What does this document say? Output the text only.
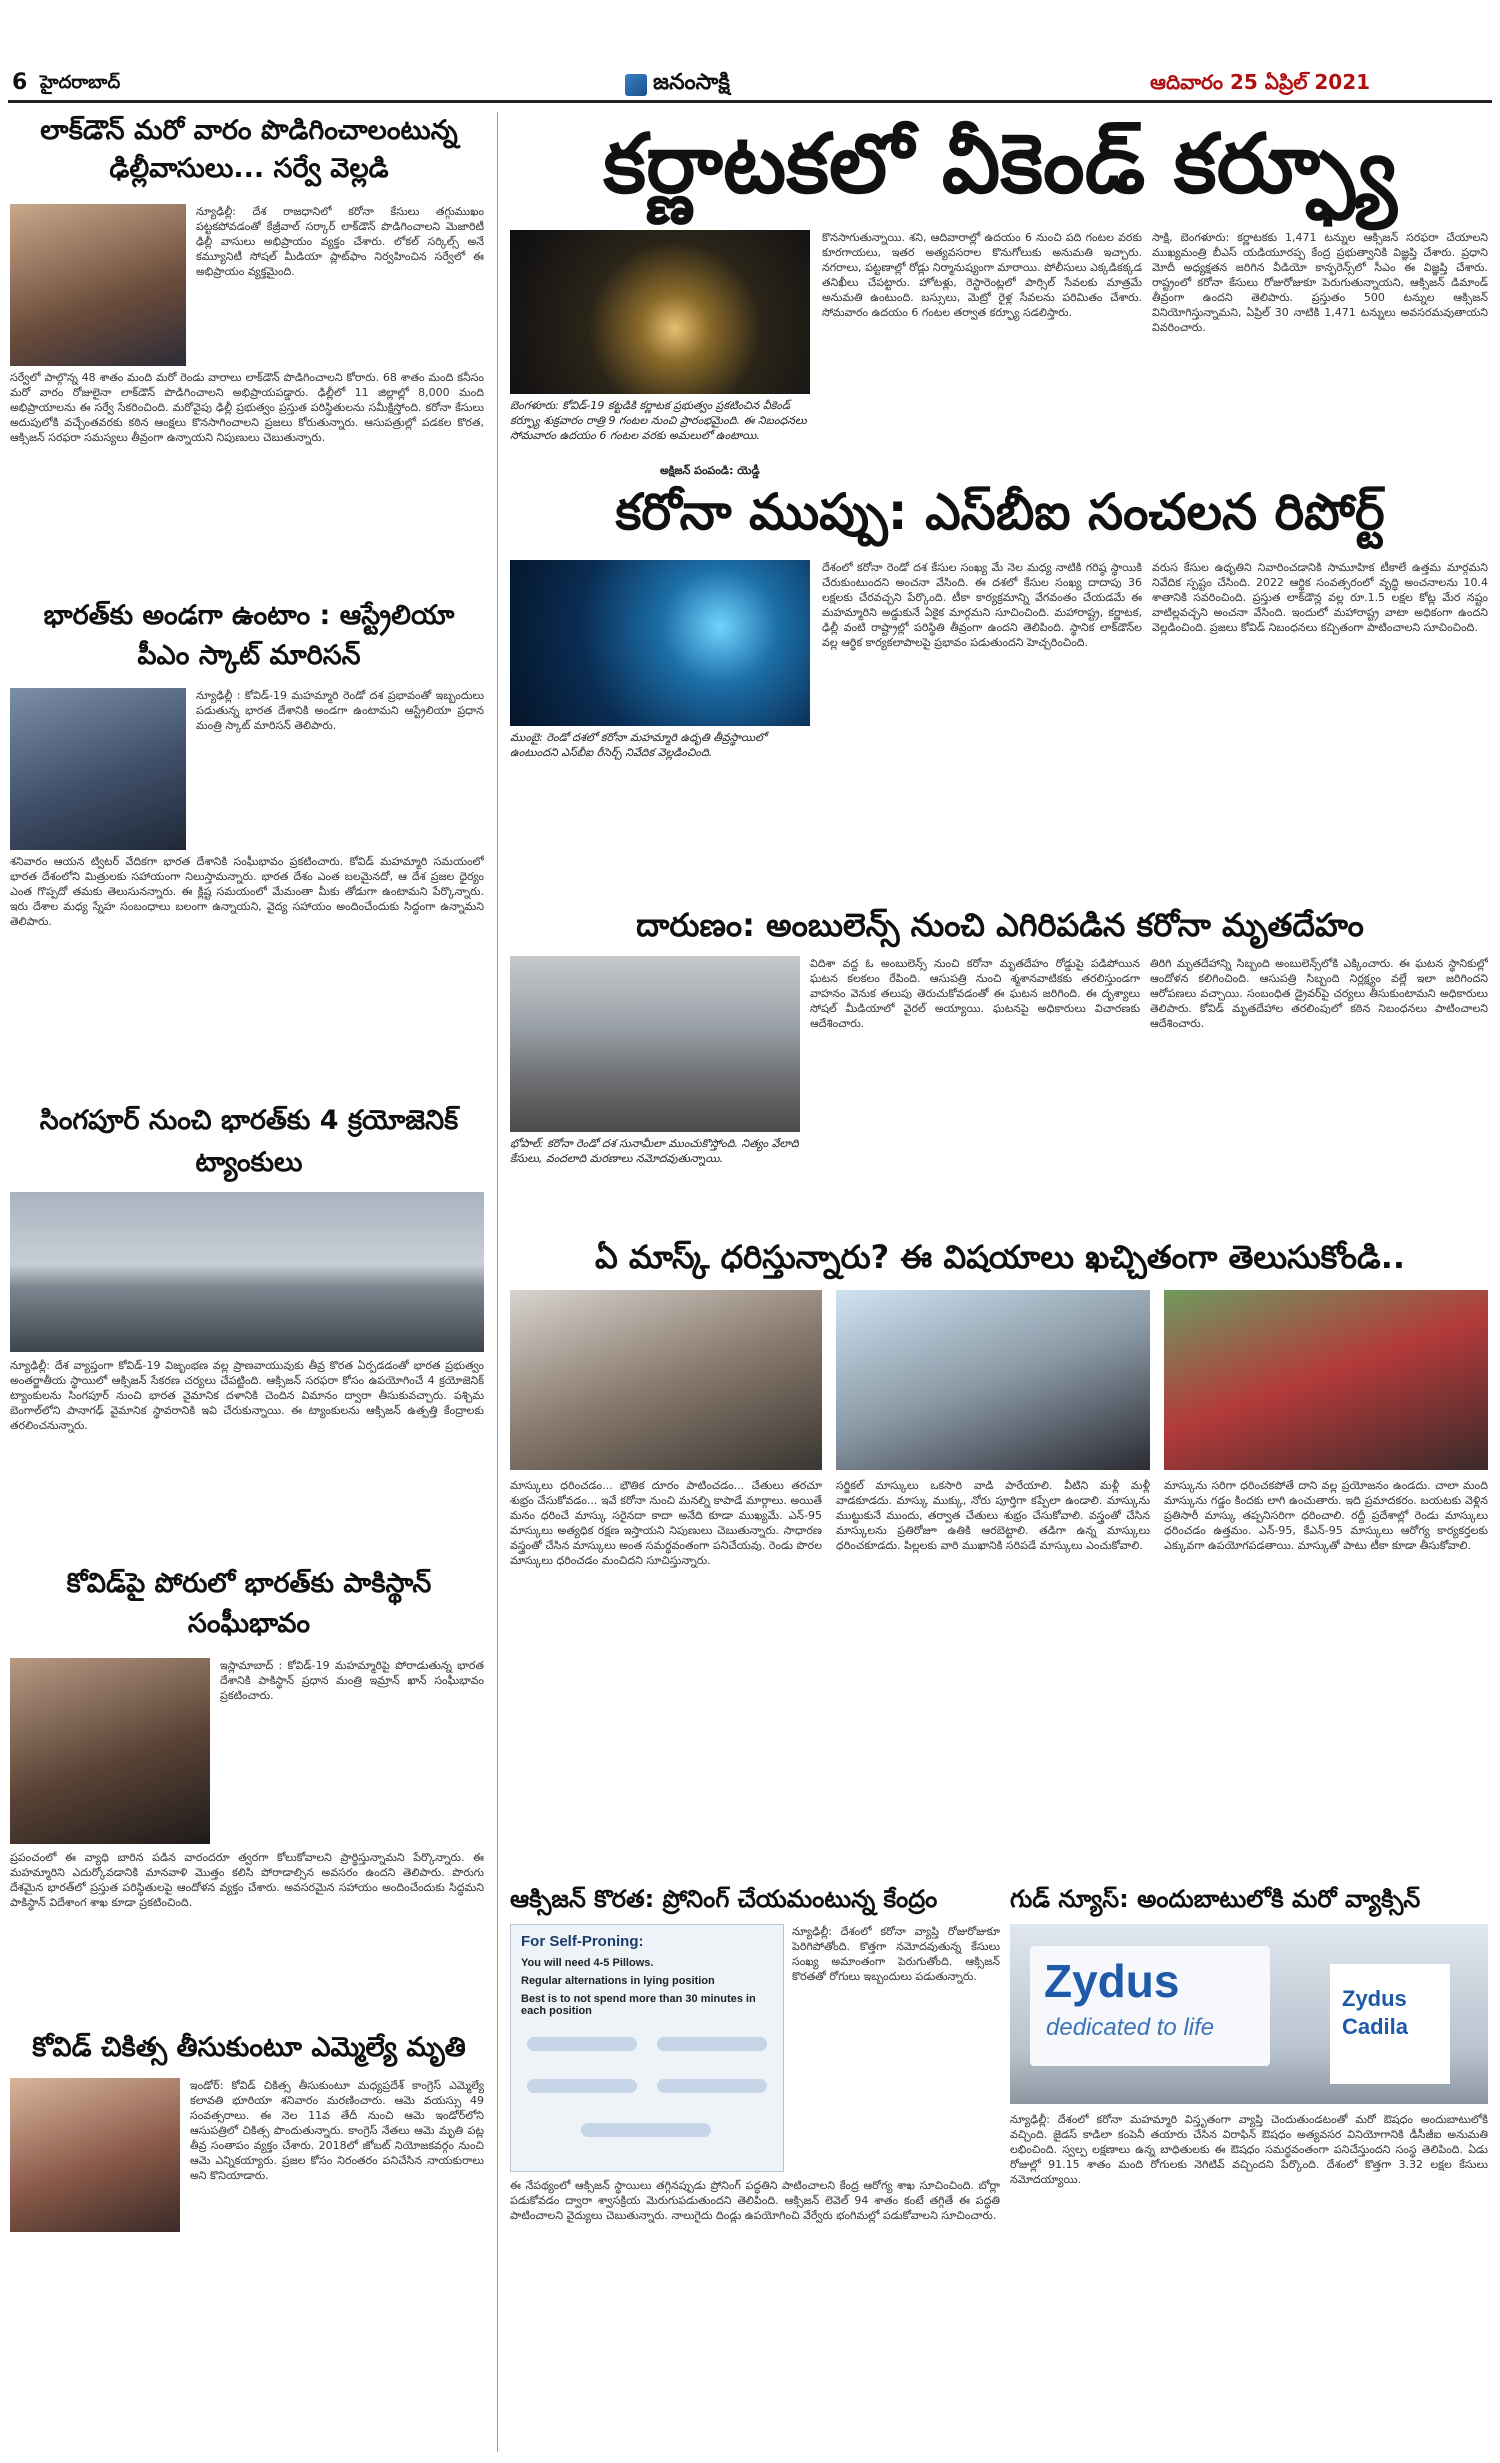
6 హైదరాబాద్	జనంసాక్షి	ఆదివారం 25 ఏప్రిల్ 2021
లాక్‌డౌన్ మరో వారం పొడిగించాలంటున్న ఢిల్లీవాసులు... సర్వే వెల్లడి
న్యూఢిల్లీ: దేశ రాజధానిలో కరోనా కేసులు తగ్గుముఖం పట్టకపోవడంతో కేజ్రీవాల్ సర్కార్ లాక్‌డౌన్ పొడిగించాలని మెజారిటీ ఢిల్లీ వాసులు అభిప్రాయం వ్యక్తం చేశారు. లోకల్ సర్కిల్స్ అనే కమ్యూనిటీ సోషల్ మీడియా ప్లాట్‌ఫాం నిర్వహించిన సర్వేలో ఈ అభిప్రాయం వ్యక్తమైంది.
సర్వేలో పాల్గొన్న 48 శాతం మంది మరో రెండు వారాలు లాక్‌డౌన్ పొడిగించాలని కోరారు. 68 శాతం మంది కనీసం మరో వారం రోజులైనా లాక్‌డౌన్ పొడిగించాలని అభిప్రాయపడ్డారు. ఢిల్లీలో 11 జిల్లాల్లో 8,000 మంది అభిప్రాయాలను ఈ సర్వే సేకరించింది. మరోవైపు ఢిల్లీ ప్రభుత్వం ప్రస్తుత పరిస్థితులను సమీక్షిస్తోంది. కరోనా కేసులు అదుపులోకి వచ్చేంతవరకు కఠిన ఆంక్షలు కొనసాగించాలని ప్రజలు కోరుతున్నారు. ఆసుపత్రుల్లో పడకల కొరత, ఆక్సిజన్ సరఫరా సమస్యలు తీవ్రంగా ఉన్నాయని నిపుణులు చెబుతున్నారు.
భారత్‌కు అండగా ఉంటాం : ఆస్ట్రేలియా పీఎం స్కాట్ మారిసన్
న్యూఢిల్లీ : కోవిడ్-19 మహమ్మారి రెండో దశ ప్రభావంతో ఇబ్బందులు పడుతున్న భారత దేశానికి అండగా ఉంటామని ఆస్ట్రేలియా ప్రధాన మంత్రి స్కాట్ మారిసన్ తెలిపారు.
శనివారం ఆయన ట్విటర్ వేదికగా భారత దేశానికి సంఘీభావం ప్రకటించారు. కోవిడ్ మహమ్మారి సమయంలో భారత దేశంలోని మిత్రులకు సహాయంగా నిలుస్తామన్నారు. భారత దేశం ఎంత బలమైనదో, ఆ దేశ ప్రజల ధైర్యం ఎంత గొప్పదో తమకు తెలుసునన్నారు. ఈ క్లిష్ట సమయంలో మేమంతా మీకు తోడుగా ఉంటామని పేర్కొన్నారు. ఇరు దేశాల మధ్య స్నేహ సంబంధాలు బలంగా ఉన్నాయని, వైద్య సహాయం అందించేందుకు సిద్ధంగా ఉన్నామని తెలిపారు.
సింగపూర్ నుంచి భారత్‌కు 4 క్రయోజెనిక్ ట్యాంకులు
న్యూఢిల్లీ: దేశ వ్యాప్తంగా కోవిడ్-19 విజృంభణ వల్ల ప్రాణవాయువుకు తీవ్ర కొరత ఏర్పడడంతో భారత ప్రభుత్వం అంతర్జాతీయ స్థాయిలో ఆక్సిజన్ సేకరణ చర్యలు చేపట్టింది. ఆక్సిజన్ సరఫరా కోసం ఉపయోగించే 4 క్రయోజెనిక్ ట్యాంకులను సింగపూర్ నుంచి భారత వైమానిక దళానికి చెందిన విమానం ద్వారా తీసుకువచ్చారు. పశ్చిమ బెంగాల్‌లోని పానాగఢ్ వైమానిక స్థావరానికి ఇవి చేరుకున్నాయి. ఈ ట్యాంకులను ఆక్సిజన్ ఉత్పత్తి కేంద్రాలకు తరలించనున్నారు.
కోవిడ్‌పై పోరులో భారత్‌కు పాకిస్థాన్ సంఘీభావం
ఇస్లామాబాద్ : కోవిడ్-19 మహమ్మారిపై పోరాడుతున్న భారత దేశానికి పాకిస్థాన్ ప్రధాన మంత్రి ఇమ్రాన్ ఖాన్ సంఘీభావం ప్రకటించారు.
ప్రపంచంలో ఈ వ్యాధి బారిన పడిన వారందరూ త్వరగా కోలుకోవాలని ప్రార్థిస్తున్నామని పేర్కొన్నారు. ఈ మహమ్మారిని ఎదుర్కోవడానికి మానవాళి మొత్తం కలిసి పోరాడాల్సిన అవసరం ఉందని తెలిపారు. పొరుగు దేశమైన భారత్‌లో ప్రస్తుత పరిస్థితులపై ఆందోళన వ్యక్తం చేశారు. అవసరమైన సహాయం అందించేందుకు సిద్ధమని పాకిస్థాన్ విదేశాంగ శాఖ కూడా ప్రకటించింది.
కోవిడ్ చికిత్స తీసుకుంటూ ఎమ్మెల్యే మృతి
ఇండోర్: కోవిడ్ చికిత్స తీసుకుంటూ మధ్యప్రదేశ్ కాంగ్రెస్ ఎమ్మెల్యే కలావతి భూరియా శనివారం మరణించారు. ఆమె వయస్సు 49 సంవత్సరాలు. ఈ నెల 11వ తేదీ నుంచి ఆమె ఇండోర్‌లోని ఆసుపత్రిలో చికిత్స పొందుతున్నారు. కాంగ్రెస్ నేతలు ఆమె మృతి పట్ల తీవ్ర సంతాపం వ్యక్తం చేశారు. 2018లో జోబట్ నియోజకవర్గం నుంచి ఆమె ఎన్నికయ్యారు. ప్రజల కోసం నిరంతరం పనిచేసిన నాయకురాలు అని కొనియాడారు.
కర్ణాటకలో వీకెండ్ కర్ఫ్యూ
బెంగళూరు: కోవిడ్-19 కట్టడికి కర్ణాటక ప్రభుత్వం ప్రకటించిన వీకెండ్ కర్ఫ్యూ శుక్రవారం రాత్రి 9 గంటల నుంచి ప్రారంభమైంది. ఈ నిబంధనలు సోమవారం ఉదయం 6 గంటల వరకు అమలులో ఉంటాయి.
అక్షిజన్ పంపండి: యెడ్డీ
కొనసాగుతున్నాయి. శని, ఆదివారాల్లో ఉదయం 6 నుంచి పది గంటల వరకు కూరగాయలు, ఇతర అత్యవసరాల కొనుగోలుకు అనుమతి ఇచ్చారు. నగరాలు, పట్టణాల్లో రోడ్లు నిర్మానుష్యంగా మారాయి. పోలీసులు ఎక్కడికక్కడ తనిఖీలు చేపట్టారు. హోటళ్లు, రెస్టారెంట్లలో పార్సిల్ సేవలకు మాత్రమే అనుమతి ఉంటుంది. బస్సులు, మెట్రో రైళ్ల సేవలను పరిమితం చేశారు. సోమవారం ఉదయం 6 గంటల తర్వాత కర్ఫ్యూ సడలిస్తారు.
సాక్షి, బెంగళూరు: కర్ణాటకకు 1,471 టన్నుల ఆక్సిజన్ సరఫరా చేయాలని ముఖ్యమంత్రి బీఎస్ యడియూరప్ప కేంద్ర ప్రభుత్వానికి విజ్ఞప్తి చేశారు. ప్రధాని మోదీ అధ్యక్షతన జరిగిన వీడియో కాన్ఫరెన్స్‌లో సీఎం ఈ విజ్ఞప్తి చేశారు. రాష్ట్రంలో కరోనా కేసులు రోజురోజుకూ పెరుగుతున్నాయని, ఆక్సిజన్ డిమాండ్ తీవ్రంగా ఉందని తెలిపారు. ప్రస్తుతం 500 టన్నుల ఆక్సిజన్ వినియోగిస్తున్నామని, ఏప్రిల్ 30 నాటికి 1,471 టన్నులు అవసరమవుతాయని వివరించారు.
కరోనా ముప్పు: ఎస్‌బీఐ సంచలన రిపోర్ట్
ముంబై: రెండో దశలో కరోనా మహమ్మారి ఉధృతి తీవ్రస్థాయిలో ఉంటుందని ఎస్‌బీఐ రీసెర్చ్ నివేదిక వెల్లడించింది.
దేశంలో కరోనా రెండో దశ కేసుల సంఖ్య మే నెల మధ్య నాటికి గరిష్ఠ స్థాయికి చేరుకుంటుందని అంచనా వేసింది. ఈ దశలో కేసుల సంఖ్య దాదాపు 36 లక్షలకు చేరవచ్చని పేర్కొంది. టీకా కార్యక్రమాన్ని వేగవంతం చేయడమే ఈ మహమ్మారిని అడ్డుకునే ఏకైక మార్గమని సూచించింది. మహారాష్ట్ర, కర్ణాటక, ఢిల్లీ వంటి రాష్ట్రాల్లో పరిస్థితి తీవ్రంగా ఉందని తెలిపింది. స్థానిక లాక్‌డౌన్‌ల వల్ల ఆర్థిక కార్యకలాపాలపై ప్రభావం పడుతుందని హెచ్చరించింది.
వరుస కేసుల ఉధృతిని నివారించడానికి సామూహిక టీకాలే ఉత్తమ మార్గమని నివేదిక స్పష్టం చేసింది. 2022 ఆర్థిక సంవత్సరంలో వృద్ధి అంచనాలను 10.4 శాతానికి సవరించింది. ప్రస్తుత లాక్‌డౌన్ల వల్ల రూ.1.5 లక్షల కోట్ల మేర నష్టం వాటిల్లవచ్చని అంచనా వేసింది. ఇందులో మహారాష్ట్ర వాటా అధికంగా ఉందని వెల్లడించింది. ప్రజలు కోవిడ్ నిబంధనలు కచ్చితంగా పాటించాలని సూచించింది.
దారుణం: అంబులెన్స్ నుంచి ఎగిరిపడిన కరోనా మృతదేహం
భోపాల్: కరోనా రెండో దశ సునామీలా ముంచుకొస్తోంది. నిత్యం వేలాది కేసులు, వందలాది మరణాలు నమోదవుతున్నాయి.
విదిశా వద్ద ఓ అంబులెన్స్ నుంచి కరోనా మృతదేహం రోడ్డుపై పడిపోయిన ఘటన కలకలం రేపింది. ఆసుపత్రి నుంచి శ్మశానవాటికకు తరలిస్తుండగా వాహనం వెనుక తలుపు తెరుచుకోవడంతో ఈ ఘటన జరిగింది. ఈ దృశ్యాలు సోషల్ మీడియాలో వైరల్ అయ్యాయి. ఘటనపై అధికారులు విచారణకు ఆదేశించారు.
తిరిగి మృతదేహాన్ని సిబ్బంది అంబులెన్స్‌లోకి ఎక్కించారు. ఈ ఘటన స్థానికుల్లో ఆందోళన కలిగించింది. ఆసుపత్రి సిబ్బంది నిర్లక్ష్యం వల్లే ఇలా జరిగిందని ఆరోపణలు వచ్చాయి. సంబంధిత డ్రైవర్‌పై చర్యలు తీసుకుంటామని అధికారులు తెలిపారు. కోవిడ్ మృతదేహాల తరలింపులో కఠిన నిబంధనలు పాటించాలని ఆదేశించారు.
ఏ మాస్క్ ధరిస్తున్నారు? ఈ విషయాలు ఖచ్చితంగా తెలుసుకోండి..
మాస్కులు ధరించడం... భౌతిక దూరం పాటించడం... చేతులు తరచూ శుభ్రం చేసుకోవడం... ఇవే కరోనా నుంచి మనల్ని కాపాడే మార్గాలు. అయితే మనం ధరించే మాస్కు సరైనదా కాదా అనేది కూడా ముఖ్యమే. ఎన్-95 మాస్కులు అత్యధిక రక్షణ ఇస్తాయని నిపుణులు చెబుతున్నారు. సాధారణ వస్త్రంతో చేసిన మాస్కులు అంత సమర్థవంతంగా పనిచేయవు. రెండు పొరల మాస్కులు ధరించడం మంచిదని సూచిస్తున్నారు.
సర్జికల్ మాస్కులు ఒకసారి వాడి పారేయాలి. వీటిని మళ్లీ మళ్లీ వాడకూడదు. మాస్కు ముక్కు, నోరు పూర్తిగా కప్పేలా ఉండాలి. మాస్కును ముట్టుకునే ముందు, తర్వాత చేతులు శుభ్రం చేసుకోవాలి. వస్త్రంతో చేసిన మాస్కులను ప్రతిరోజూ ఉతికి ఆరబెట్టాలి. తడిగా ఉన్న మాస్కులు ధరించకూడదు. పిల్లలకు వారి ముఖానికి సరిపడే మాస్కులు ఎంచుకోవాలి.
మాస్కును సరిగా ధరించకపోతే దాని వల్ల ప్రయోజనం ఉండదు. చాలా మంది మాస్కును గడ్డం కిందకు లాగి ఉంచుతారు. ఇది ప్రమాదకరం. బయటకు వెళ్లిన ప్రతిసారీ మాస్కు తప్పనిసరిగా ధరించాలి. రద్దీ ప్రదేశాల్లో రెండు మాస్కులు ధరించడం ఉత్తమం. ఎన్-95, కేఎన్-95 మాస్కులు ఆరోగ్య కార్యకర్తలకు ఎక్కువగా ఉపయోగపడతాయి. మాస్కుతో పాటు టీకా కూడా తీసుకోవాలి.
ఆక్సిజన్ కొరత: ప్రోనింగ్ చేయమంటున్న కేంద్రం
For Self-Proning:
You will need 4-5 Pillows.
Regular alternations in lying position
Best is to not spend more than 30 minutes in each position
న్యూఢిల్లీ: దేశంలో కరోనా వ్యాప్తి రోజురోజుకూ పెరిగిపోతోంది. కొత్తగా నమోదవుతున్న కేసులు సంఖ్య అమాంతంగా పెరుగుతోంది. ఆక్సిజన్ కొరతతో రోగులు ఇబ్బందులు పడుతున్నారు.
ఈ నేపథ్యంలో ఆక్సిజన్ స్థాయిలు తగ్గినప్పుడు ప్రోనింగ్ పద్ధతిని పాటించాలని కేంద్ర ఆరోగ్య శాఖ సూచించింది. బోర్లా పడుకోవడం ద్వారా శ్వాసక్రియ మెరుగుపడుతుందని తెలిపింది. ఆక్సిజన్ లెవెల్ 94 శాతం కంటే తగ్గితే ఈ పద్ధతి పాటించాలని వైద్యులు చెబుతున్నారు. నాలుగైదు దిండ్లు ఉపయోగించి వేర్వేరు భంగిమల్లో పడుకోవాలని సూచించారు.
గుడ్ న్యూస్: అందుబాటులోకి మరో వ్యాక్సిన్
Zydus
dedicated to life
Zydus
Cadila
న్యూఢిల్లీ: దేశంలో కరోనా మహమ్మారి విస్తృతంగా వ్యాప్తి చెందుతుండటంతో మరో ఔషధం అందుబాటులోకి వచ్చింది. జైడస్ కాడిలా కంపెనీ తయారు చేసిన విరాఫిన్ ఔషధం అత్యవసర వినియోగానికి డీసీజీఐ అనుమతి లభించింది. స్వల్ప లక్షణాలు ఉన్న బాధితులకు ఈ ఔషధం సమర్థవంతంగా పనిచేస్తుందని సంస్థ తెలిపింది. ఏడు రోజుల్లో 91.15 శాతం మంది రోగులకు నెగిటివ్ వచ్చిందని పేర్కొంది. దేశంలో కొత్తగా 3.32 లక్షల కేసులు నమోదయ్యాయి.
